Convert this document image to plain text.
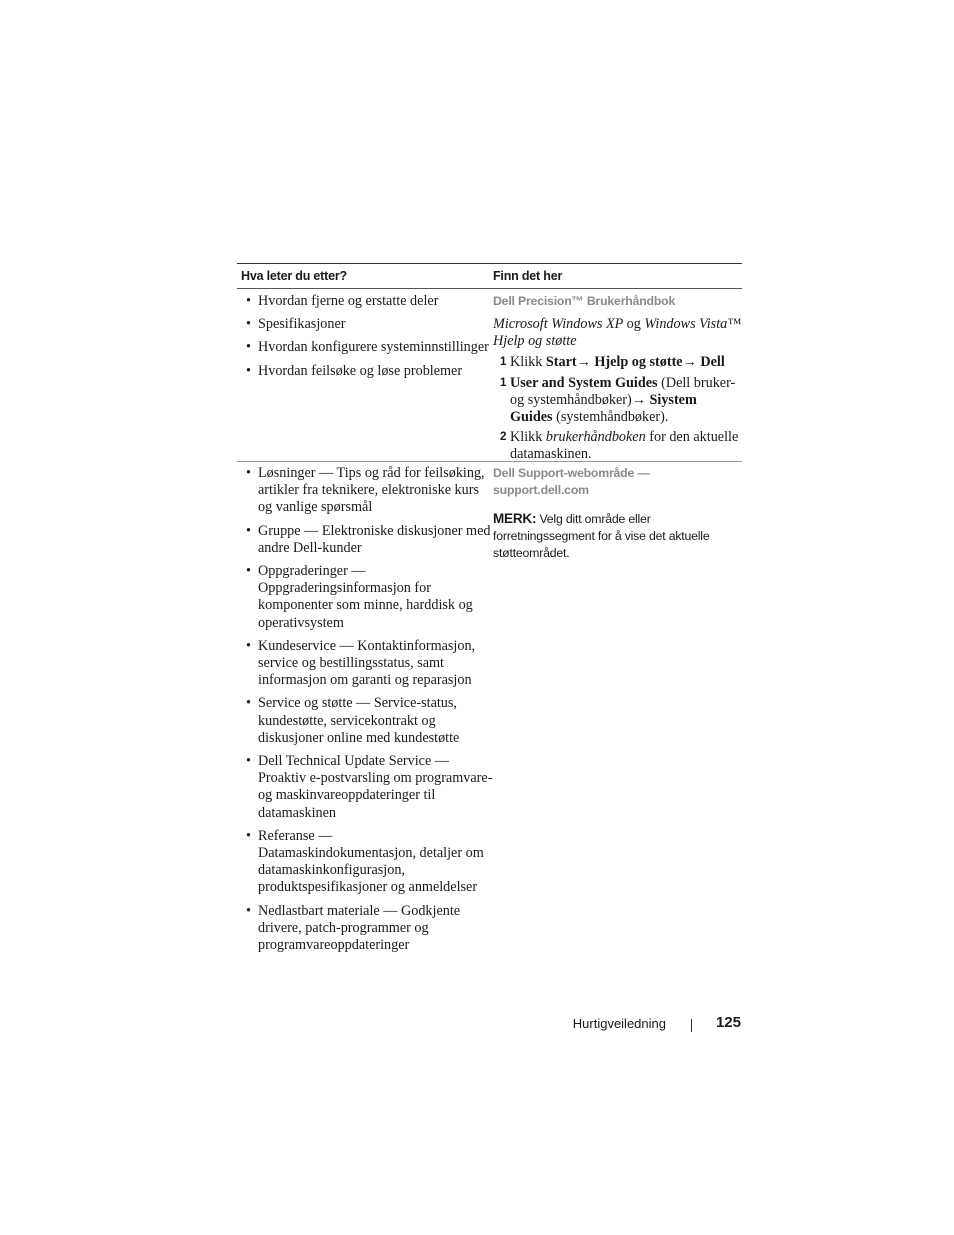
Hva leter du etter?	Finn det her
• Hvordan fjerne og erstatte deler
• Spesifikasjoner
• Hvordan konfigurere systeminnstillinger
• Hvordan feilsøke og løse problemer
Dell Precision™ Brukerhåndbok
Microsoft Windows XP og Windows Vista™ Hjelp og støtte
1 Klikk Start→ Hjelp og støtte→ Dell
1 User and System Guides (Dell bruker- og systemhåndbøker)→ Siystem Guides (systemhåndbøker).
2 Klikk brukerhåndboken for den aktuelle datamaskinen.
• Løsninger — Tips og råd for feilsøking, artikler fra teknikere, elektroniske kurs og vanlige spørsmål
• Gruppe — Elektroniske diskusjoner med andre Dell-kunder
• Oppgraderinger — Oppgraderingsinformasjon for komponenter som minne, harddisk og operativsystem
• Kundeservice — Kontaktinformasjon, service og bestillingsstatus, samt informasjon om garanti og reparasjon
• Service og støtte — Service-status, kundestøtte, servicekontrakt og diskusjoner online med kundestøtte
• Dell Technical Update Service — Proaktiv e-postvarsling om programvare- og maskinvareoppdateringer til datamaskinen
• Referanse — Datamaskindokumentasjon, detaljer om datamaskinkonfigurasjon, produktspesifikasjoner og anmeldelser
• Nedlastbart materiale — Godkjente drivere, patch-programmer og programvareoppdateringer
Dell Support-webområde —
support.dell.com
MERK: Velg ditt område eller forretningssegment for å vise det aktuelle støtteområdet.
Hurtigveiledning	125
